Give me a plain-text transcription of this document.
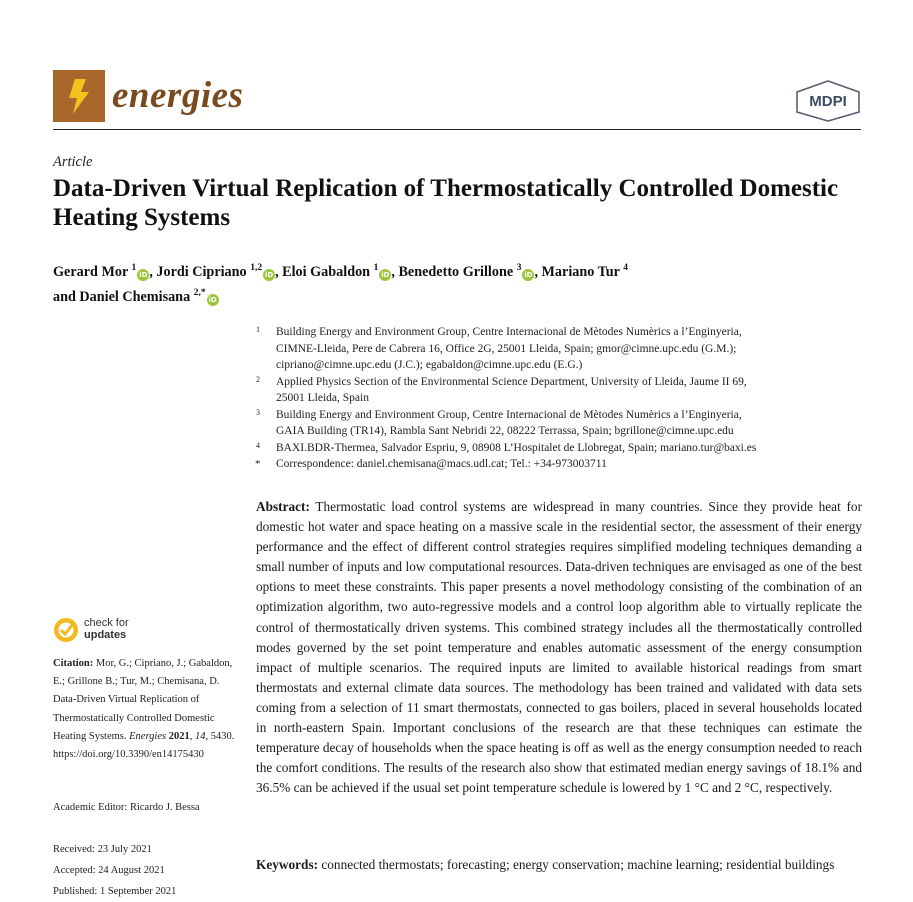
energies	MDPI
Article
Data-Driven Virtual Replication of Thermostatically Controlled Domestic Heating Systems
Gerard Mor $^1$iD , Jordi Cipriano $^{1,2}$iD , Eloi Gabaldon $^1$iD , Benedetto Grillone $^3$iD , Mariano Tur $^4$
and Daniel Chemisana $^{2,*}$iD
1 Building Energy and Environment Group, Centre Internacional de Mètodes Numèrics a l’Enginyeria,
CIMNE-Lleida, Pere de Cabrera 16, Office 2G, 25001 Lleida, Spain; gmor@cimne.upc.edu (G.M.);
cipriano@cimne.upc.edu (J.C.); egabaldon@cimne.upc.edu (E.G.)
2 Applied Physics Section of the Environmental Science Department, University of Lleida, Jaume II 69,
25001 Lleida, Spain
3 Building Energy and Environment Group, Centre Internacional de Mètodes Numèrics a l’Enginyeria,
GAIA Building (TR14), Rambla Sant Nebridi 22, 08222 Terrassa, Spain; bgrillone@cimne.upc.edu
4 BAXI.BDR-Thermea, Salvador Espriu, 9, 08908 L’Hospitalet de Llobregat, Spain; mariano.tur@baxi.es
* Correspondence: daniel.chemisana@macs.udl.cat; Tel.: +34-973003711
Abstract: Thermostatic load control systems are widespread in many countries. Since they provide heat for domestic hot water and space heating on a massive scale in the residential sector, the assessment of their energy performance and the effect of different control strategies requires simplified modeling techniques demanding a small number of inputs and low computational resources. Data-driven techniques are envisaged as one of the best options to meet these constraints. This paper presents a novel methodology consisting of the combination of an optimization algorithm, two auto-regressive models and a control loop algorithm able to virtually replicate the control of thermostatically driven systems. This combined strategy includes all the thermostatically controlled modes governed by the set point temperature and enables automatic assessment of the energy consumption impact of multiple scenarios. The required inputs are limited to available historical readings from smart thermostats and external climate data sources. The methodology has been trained and validated with data sets coming from a selection of 11 smart thermostats, connected to gas boilers, placed in several households located in north-eastern Spain. Important conclusions of the research are that these techniques can estimate the temperature decay of households when the space heating is off as well as the energy consumption needed to reach the comfort conditions. The results of the research also show that estimated median energy savings of 18.1% and 36.5% can be achieved if the usual set point temperature schedule is lowered by 1 °C and 2 °C, respectively.
Keywords: connected thermostats; forecasting; energy conservation; machine learning; residential buildings
check for
updates
Citation: Mor, G.; Cipriano, J.; Gabaldon, E.; Grillone B.; Tur, M.; Chemisana, D. Data-Driven Virtual Replication of Thermostatically Controlled Domestic Heating Systems. Energies 2021, 14, 5430. https://doi.org/10.3390/en14175430
Academic Editor: Ricardo J. Bessa
Received: 23 July 2021
Accepted: 24 August 2021
Published: 1 September 2021
